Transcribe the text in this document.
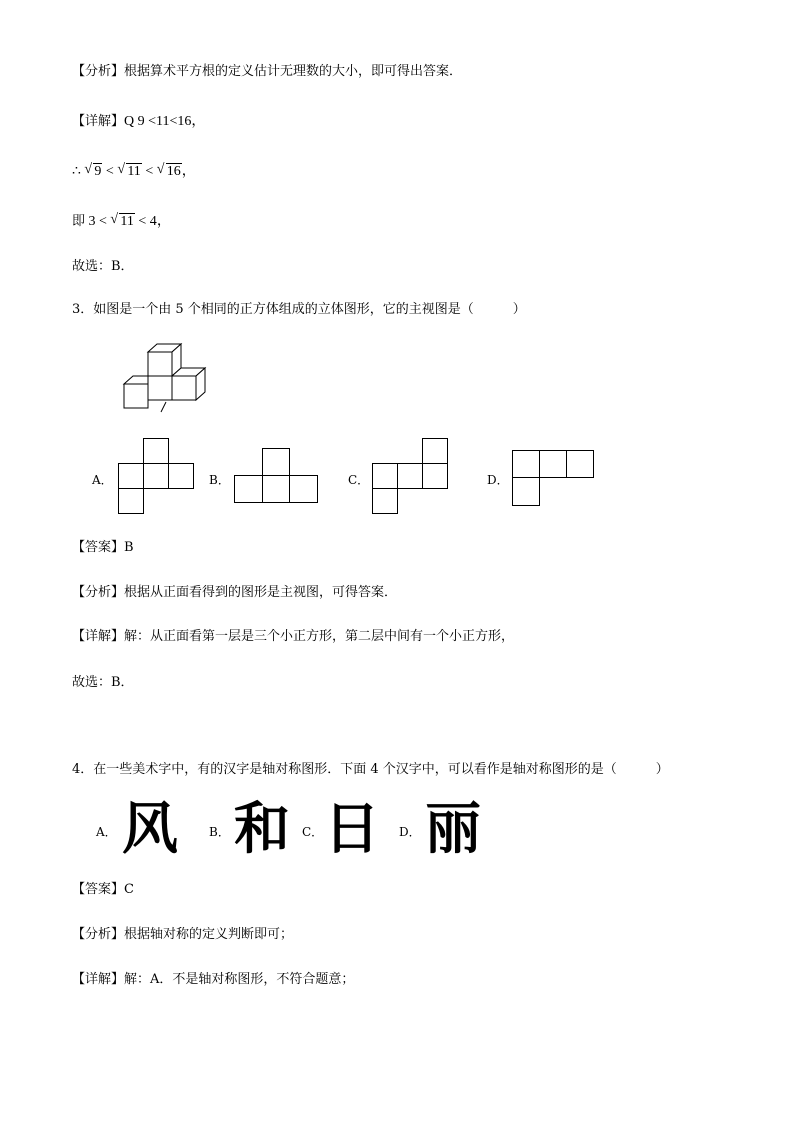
【分析】根据算术平方根的定义估计无理数的大小，即可得出答案．
【详解】Q 9 <11<16，
∴ √ 9 < √ 11 < √ 16，
即 3 < √ 11 < 4，
故选：B．
3．如图是一个由 5 个相同的正方体组成的立体图形，它的主视图是（　　　）
A．	B．	C．	D．
【答案】B
【分析】根据从正面看得到的图形是主视图，可得答案．
【详解】解：从正面看第一层是三个小正方形，第二层中间有一个小正方形，
故选：B．
4．在一些美术字中，有的汉字是轴对称图形．下面 4 个汉字中，可以看作是轴对称图形的是（　　　）
A． 风	B． 和 C． 日 D． 丽
【答案】C
【分析】根据轴对称的定义判断即可；
【详解】解：A．不是轴对称图形，不符合题意；
